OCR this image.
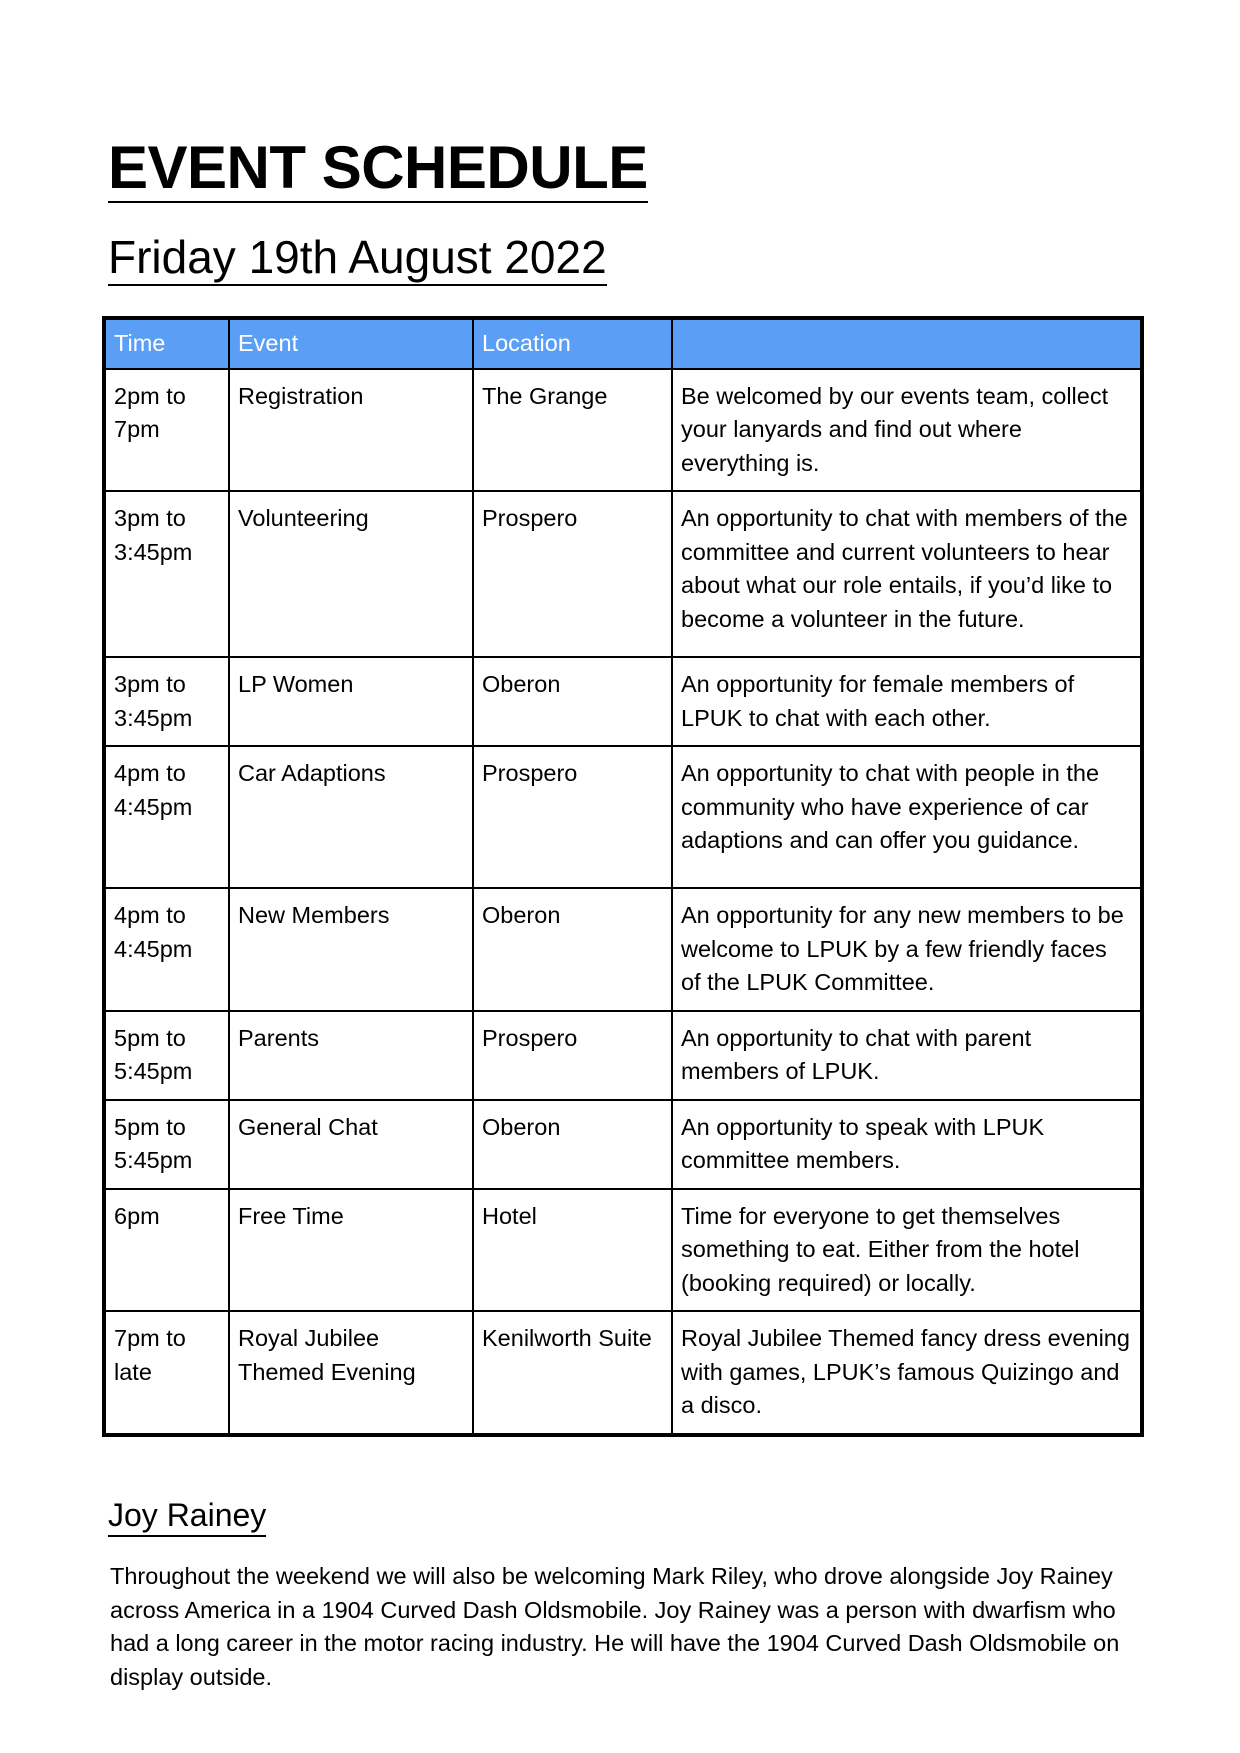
EVENT SCHEDULE
Friday 19th August 2022
Time	Event	Location	
2pm to 7pm	Registration	The Grange	Be welcomed by our events team, collect your lanyards and find out where everything is.
3pm to 3:45pm	Volunteering	Prospero	An opportunity to chat with members of the committee and current volunteers to hear about what our role entails, if you’d like to become a volunteer in the future.
3pm to 3:45pm	LP Women	Oberon	An opportunity for female members of LPUK to chat with each other.
4pm to 4:45pm	Car Adaptions	Prospero	An opportunity to chat with people in the community who have experience of car adaptions and can offer you guidance.
4pm to 4:45pm	New Members	Oberon	An opportunity for any new members to be welcome to LPUK by a few friendly faces of the LPUK Committee.
5pm to 5:45pm	Parents	Prospero	An opportunity to chat with parent members of LPUK.
5pm to 5:45pm	General Chat	Oberon	An opportunity to speak with LPUK committee members.
6pm	Free Time	Hotel	Time for everyone to get themselves something to eat. Either from the hotel (booking required) or locally.
7pm to late	Royal Jubilee Themed Evening	Kenilworth Suite	Royal Jubilee Themed fancy dress evening with games, LPUK’s famous Quizingo and a disco.
Joy Rainey

Throughout the weekend we will also be welcoming Mark Riley, who drove alongside Joy Rainey across America in a 1904 Curved Dash Oldsmobile. Joy Rainey was a person with dwarfism who had a long career in the motor racing industry. He will have the 1904 Curved Dash Oldsmobile on display outside.
